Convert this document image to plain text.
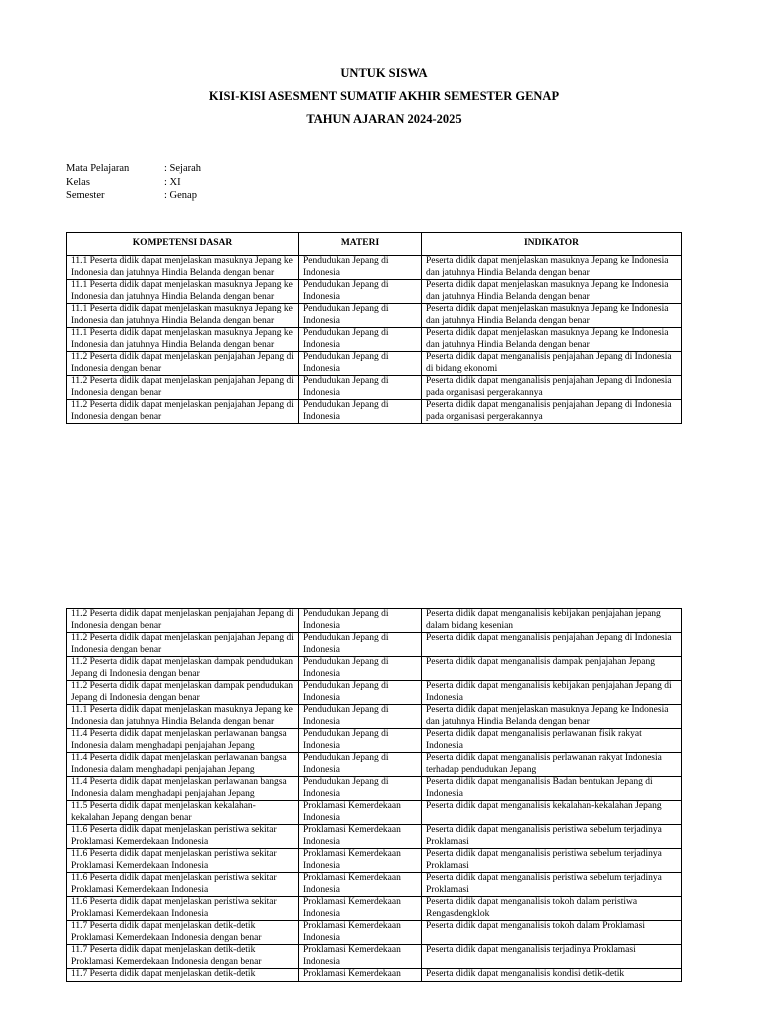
UNTUK SISWA
KISI-KISI ASESMENT SUMATIF AKHIR SEMESTER GENAP
TAHUN AJARAN 2024-2025
Mata Pelajaran	: Sejarah
Kelas	: XI
Semester	: Genap
KOMPETENSI DASAR	MATERI	INDIKATOR
11.1 Peserta didik dapat menjelaskan masuknya Jepang ke Indonesia dan jatuhnya Hindia Belanda dengan benar	Pendudukan Jepang di Indonesia	Peserta didik dapat menjelaskan masuknya Jepang ke Indonesia dan jatuhnya Hindia Belanda dengan benar
11.1 Peserta didik dapat menjelaskan masuknya Jepang ke Indonesia dan jatuhnya Hindia Belanda dengan benar	Pendudukan Jepang di Indonesia	Peserta didik dapat menjelaskan masuknya Jepang ke Indonesia dan jatuhnya Hindia Belanda dengan benar
11.1 Peserta didik dapat menjelaskan masuknya Jepang ke Indonesia dan jatuhnya Hindia Belanda dengan benar	Pendudukan Jepang di Indonesia	Peserta didik dapat menjelaskan masuknya Jepang ke Indonesia dan jatuhnya Hindia Belanda dengan benar
11.1 Peserta didik dapat menjelaskan masuknya Jepang ke Indonesia dan jatuhnya Hindia Belanda dengan benar	Pendudukan Jepang di Indonesia	Peserta didik dapat menjelaskan masuknya Jepang ke Indonesia dan jatuhnya Hindia Belanda dengan benar
11.2 Peserta didik dapat menjelaskan penjajahan Jepang di Indonesia dengan benar	Pendudukan Jepang di Indonesia	Peserta didik dapat menganalisis penjajahan Jepang di Indonesia di bidang ekonomi
11.2 Peserta didik dapat menjelaskan penjajahan Jepang di Indonesia dengan benar	Pendudukan Jepang di Indonesia	Peserta didik dapat menganalisis penjajahan Jepang di Indonesia pada organisasi pergerakannya
11.2 Peserta didik dapat menjelaskan penjajahan Jepang di Indonesia dengan benar	Pendudukan Jepang di Indonesia	Peserta didik dapat menganalisis penjajahan Jepang di Indonesia pada organisasi pergerakannya
11.2 Peserta didik dapat menjelaskan penjajahan Jepang di Indonesia dengan benar	Pendudukan Jepang di Indonesia	Peserta didik dapat menganalisis kebijakan penjajahan jepang dalam bidang kesenian
11.2 Peserta didik dapat menjelaskan penjajahan Jepang di Indonesia dengan benar	Pendudukan Jepang di Indonesia	Peserta didik dapat menganalisis penjajahan Jepang di Indonesia
11.2 Peserta didik dapat menjelaskan dampak pendudukan Jepang di Indonesia dengan benar	Pendudukan Jepang di Indonesia	Peserta didik dapat menganalisis dampak penjajahan Jepang
11.2 Peserta didik dapat menjelaskan dampak pendudukan Jepang di Indonesia dengan benar	Pendudukan Jepang di Indonesia	Peserta didik dapat menganalisis kebijakan penjajahan Jepang di Indonesia
11.1 Peserta didik dapat menjelaskan masuknya Jepang ke Indonesia dan jatuhnya Hindia Belanda dengan benar	Pendudukan Jepang di Indonesia	Peserta didik dapat menjelaskan masuknya Jepang ke Indonesia dan jatuhnya Hindia Belanda dengan benar
11.4 Peserta didik dapat menjelaskan perlawanan bangsa Indonesia dalam menghadapi penjajahan Jepang	Pendudukan Jepang di Indonesia	Peserta didik dapat menganalisis perlawanan fisik rakyat Indonesia
11.4 Peserta didik dapat menjelaskan perlawanan bangsa Indonesia dalam menghadapi penjajahan Jepang	Pendudukan Jepang di Indonesia	Peserta didik dapat menganalisis perlawanan rakyat Indonesia terhadap pendudukan Jepang
11.4 Peserta didik dapat menjelaskan perlawanan bangsa Indonesia dalam menghadapi penjajahan Jepang	Pendudukan Jepang di Indonesia	Peserta didik dapat menganalisis Badan bentukan Jepang di Indonesia
11.5 Peserta didik dapat menjelaskan kekalahan-kekalahan Jepang dengan benar	Proklamasi Kemerdekaan Indonesia	Peserta didik dapat menganalisis kekalahan-kekalahan Jepang
11.6 Peserta didik dapat menjelaskan peristiwa sekitar Proklamasi Kemerdekaan Indonesia	Proklamasi Kemerdekaan Indonesia	Peserta didik dapat menganalisis peristiwa sebelum terjadinya Proklamasi
11.6 Peserta didik dapat menjelaskan peristiwa sekitar Proklamasi Kemerdekaan Indonesia	Proklamasi Kemerdekaan Indonesia	Peserta didik dapat menganalisis peristiwa sebelum terjadinya Proklamasi
11.6 Peserta didik dapat menjelaskan peristiwa sekitar Proklamasi Kemerdekaan Indonesia	Proklamasi Kemerdekaan Indonesia	Peserta didik dapat menganalisis peristiwa sebelum terjadinya Proklamasi
11.6 Peserta didik dapat menjelaskan peristiwa sekitar Proklamasi Kemerdekaan Indonesia	Proklamasi Kemerdekaan Indonesia	Peserta didik dapat menganalisis tokoh dalam peristiwa Rengasdengklok
11.7 Peserta didik dapat menjelaskan detik-detik Proklamasi Kemerdekaan Indonesia dengan benar	Proklamasi Kemerdekaan Indonesia	Peserta didik dapat menganalisis tokoh dalam Proklamasi
11.7 Peserta didik dapat menjelaskan detik-detik Proklamasi Kemerdekaan Indonesia dengan benar	Proklamasi Kemerdekaan Indonesia	Peserta didik dapat menganalisis terjadinya Proklamasi
11.7 Peserta didik dapat menjelaskan detik-detik	Proklamasi Kemerdekaan	Peserta didik dapat menganalisis kondisi detik-detik
